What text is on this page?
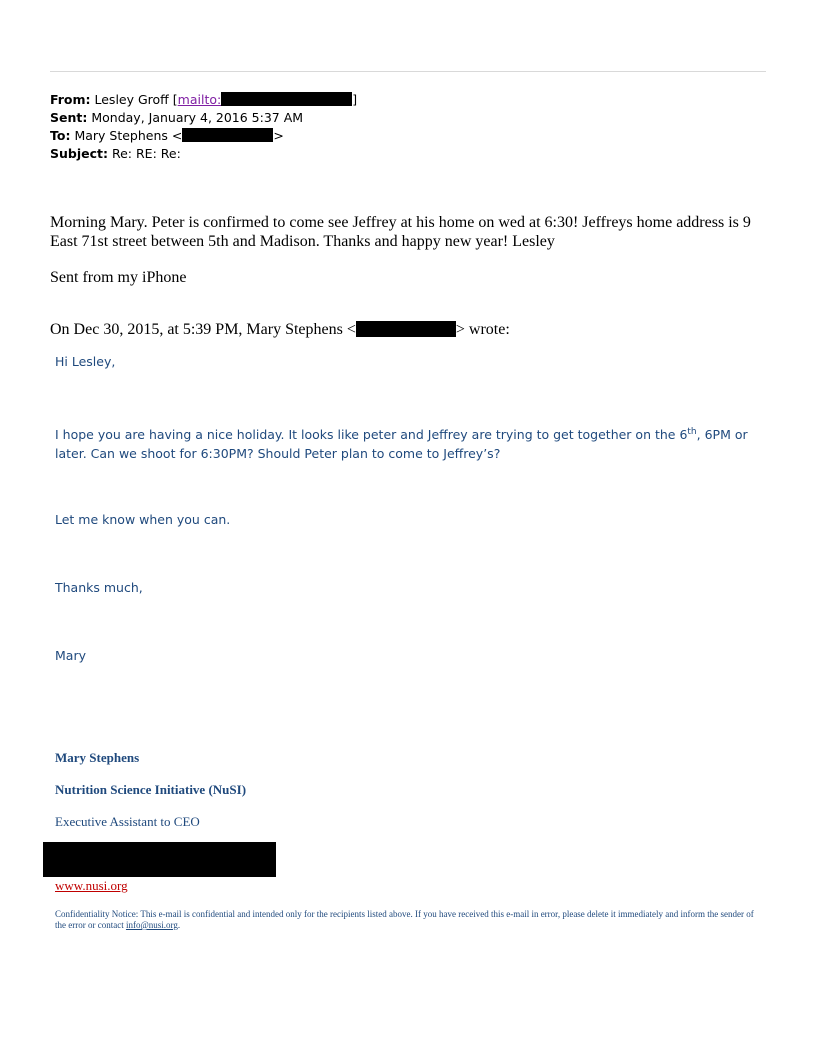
From: Lesley Groff [mailto:	]
Sent: Monday, January 4, 2016 5:37 AM
To: Mary Stephens <	>
Subject: Re: RE: Re:
Morning Mary. Peter is confirmed to come see Jeffrey at his home on wed at 6:30! Jeffreys home address is 9 East 71st street between 5th and Madison. Thanks and happy new year! Lesley
Sent from my iPhone
On Dec 30, 2015, at 5:39 PM, Mary Stephens <	> wrote:
Hi Lesley,
I hope you are having a nice holiday. It looks like peter and Jeffrey are trying to get together on the 6th, 6PM or later. Can we shoot for 6:30PM? Should Peter plan to come to Jeffrey’s?
Let me know when you can.
Thanks much,
Mary
Mary Stephens
Nutrition Science Initiative (NuSI)
Executive Assistant to CEO
www.nusi.org
Confidentiality Notice: This e-mail is confidential and intended only for the recipients listed above. If you have received this e-mail in error, please delete it immediately and inform the sender of the error or contact info@nusi.org.
